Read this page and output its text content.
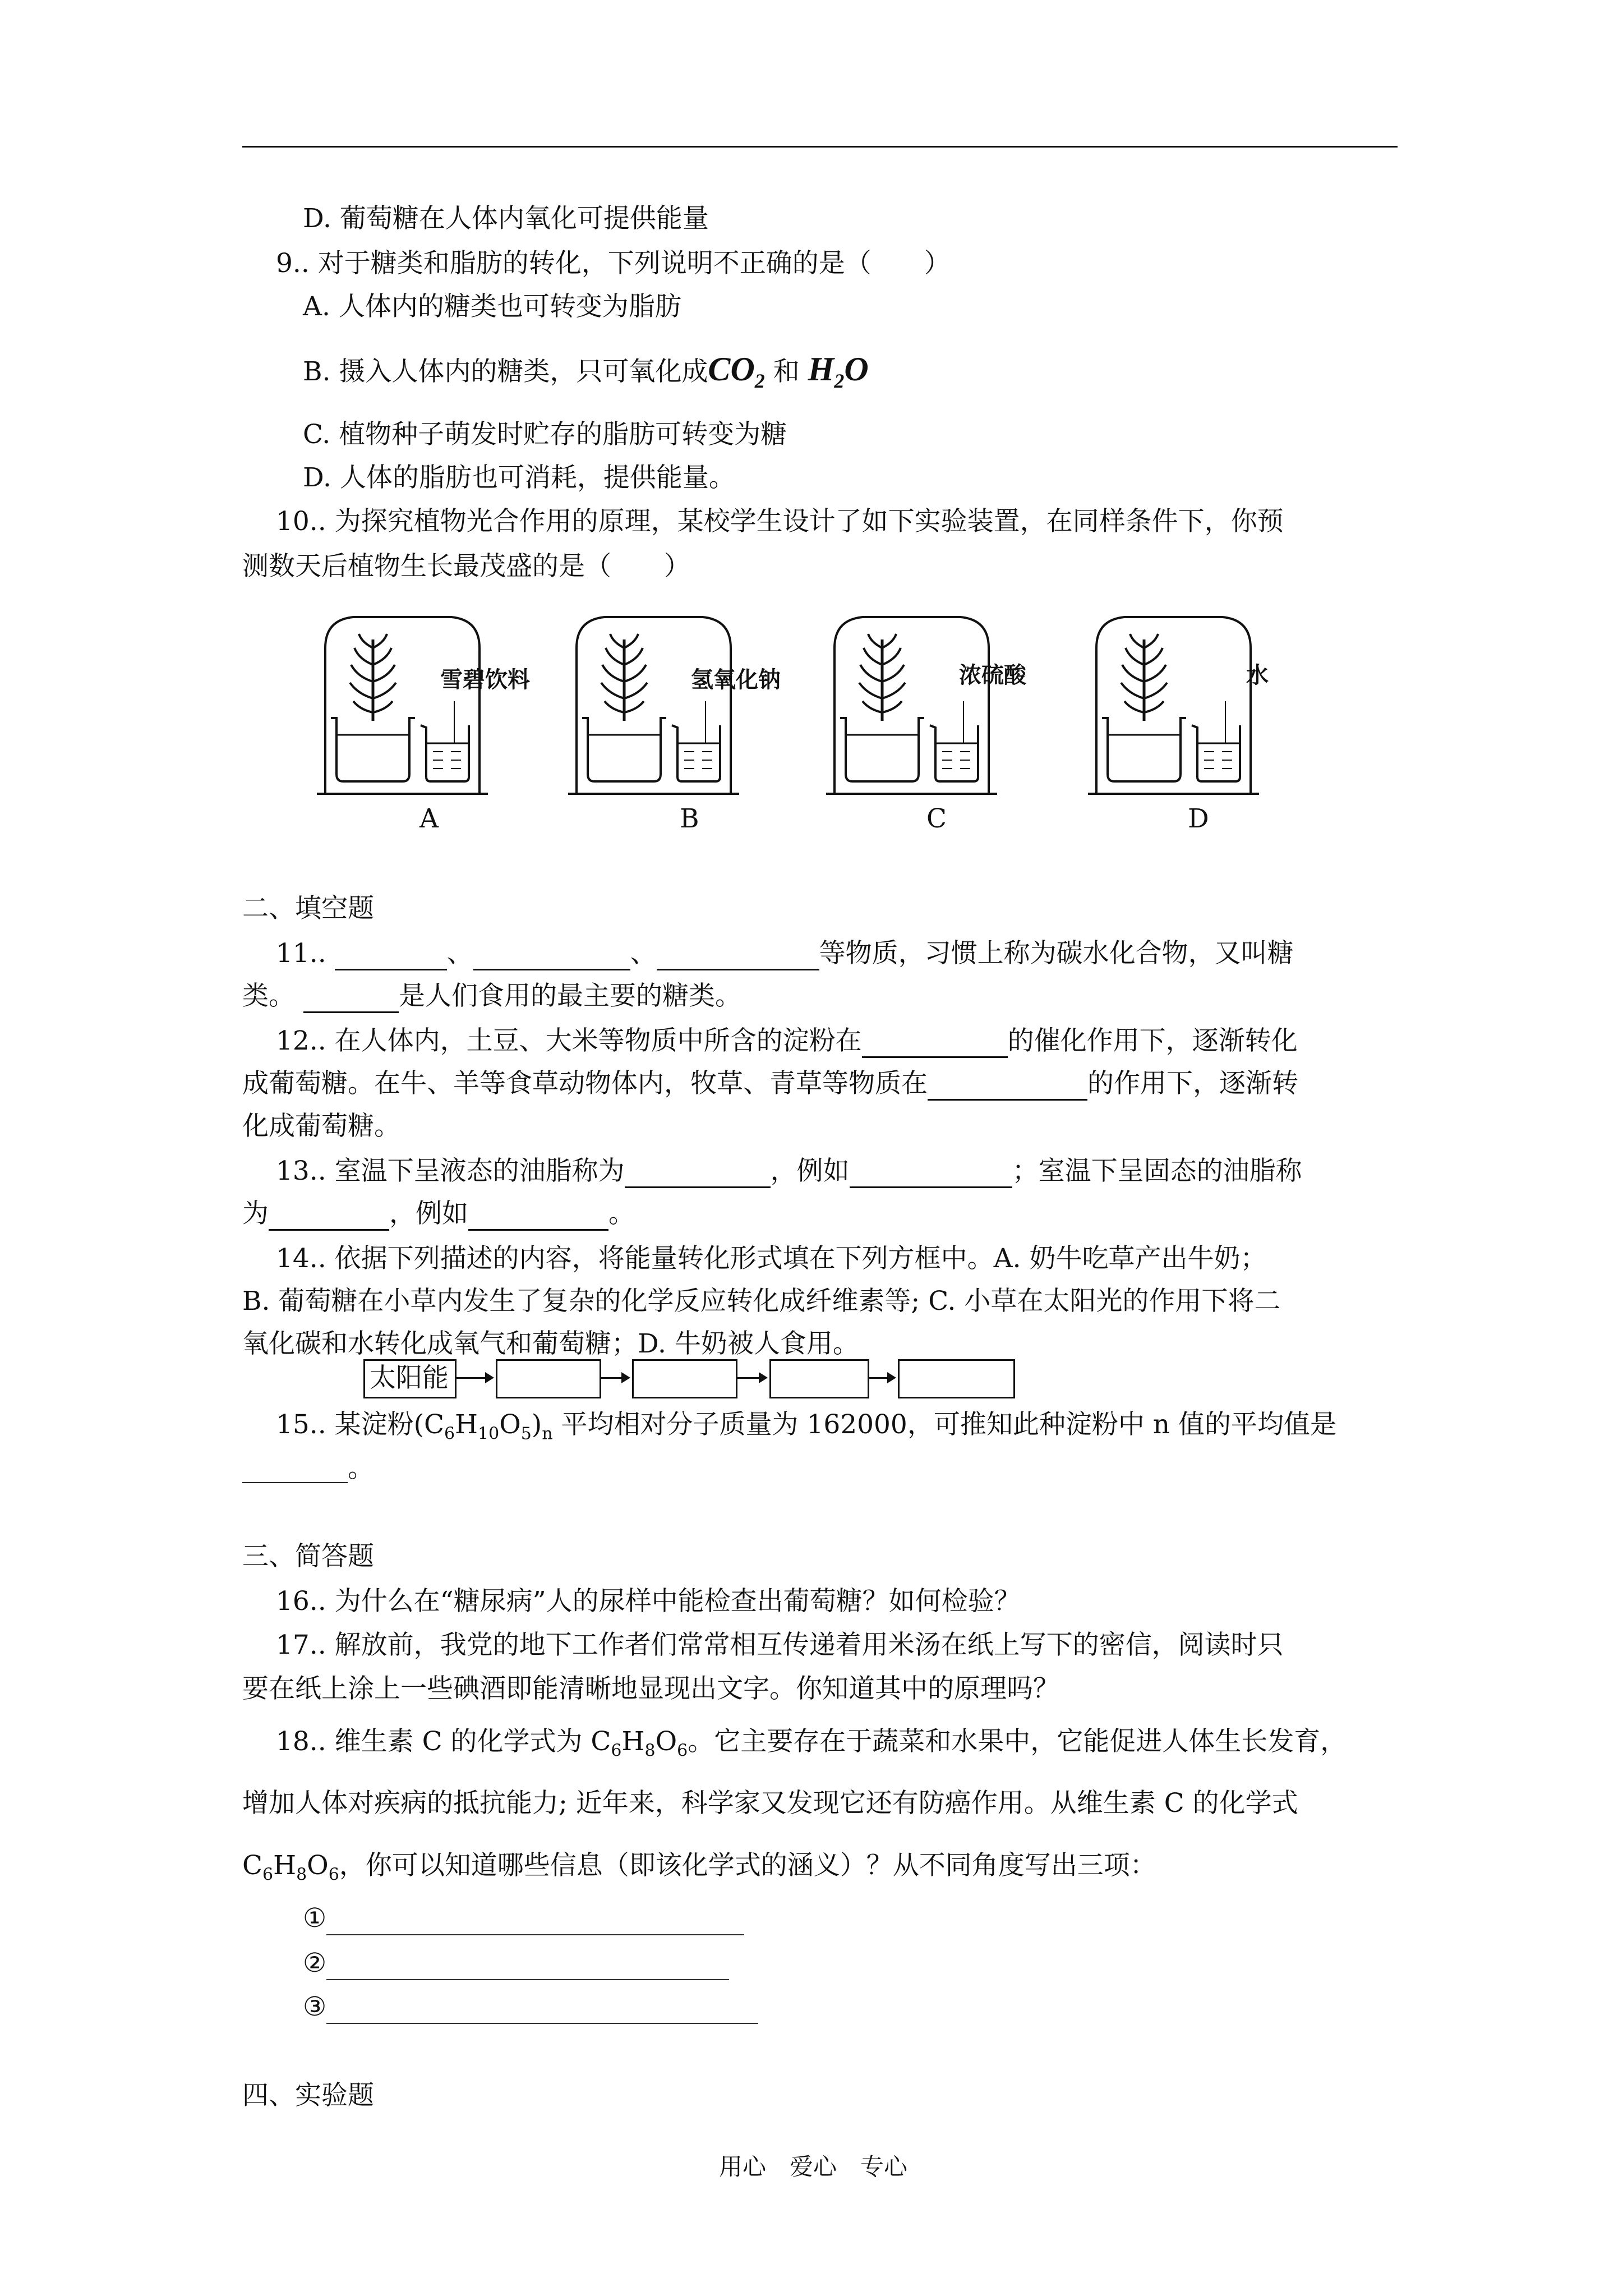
D. 葡萄糖在人体内氧化可提供能量
9.. 对于糖类和脂肪的转化，下列说明不正确的是（　　）
A. 人体内的糖类也可转变为脂肪
B. 摄入人体内的糖类，只可氧化成$CO_2$ 和 $H_2O$
C. 植物种子萌发时贮存的脂肪可转变为糖
D. 人体的脂肪也可消耗，提供能量。
10.. 为探究植物光合作用的原理，某校学生设计了如下实验装置，在同样条件下，你预
测数天后植物生长最茂盛的是（　　）
雪碧饮料	氢氧化钠	浓硫酸	水
A	B	C	D
二、填空题
11..	、	、	等物质，习惯上称为碳水化合物，又叫糖
类。	是人们食用的最主要的糖类。
12.. 在人体内，土豆、大米等物质中所含的淀粉在	的催化作用下，逐渐转化
成葡萄糖。在牛、羊等食草动物体内，牧草、青草等物质在	的作用下，逐渐转
化成葡萄糖。
13.. 室温下呈液态的油脂称为	，例如	；室温下呈固态的油脂称
为	，例如	。
14.. 依据下列描述的内容，将能量转化形式填在下列方框中。A. 奶牛吃草产出牛奶；
B. 葡萄糖在小草内发生了复杂的化学反应转化成纤维素等; C. 小草在太阳光的作用下将二
氧化碳和水转化成氧气和葡萄糖；D. 牛奶被人食用。
太阳能
15.. 某淀粉$(C_6H_{10}O_5)_n$ 平均相对分子质量为 162000，可推知此种淀粉中 n 值的平均值是
________。
三、简答题
16.. 为什么在“糖尿病”人的尿样中能检查出葡萄糖？如何检验？
17.. 解放前，我党的地下工作者们常常相互传递着用米汤在纸上写下的密信，阅读时只
要在纸上涂上一些碘酒即能清晰地显现出文字。你知道其中的原理吗？
18.. 维生素 C 的化学式为 $C_6H_8O_6$。它主要存在于蔬菜和水果中，它能促进人体生长发育，
增加人体对疾病的抵抗能力; 近年来，科学家又发现它还有防癌作用。从维生素 C 的化学式
$C_6H_8O_6$，你可以知道哪些信息（即该化学式的涵义）？从不同角度写出三项：
①
②
③
四、实验题
用心　爱心　专心
